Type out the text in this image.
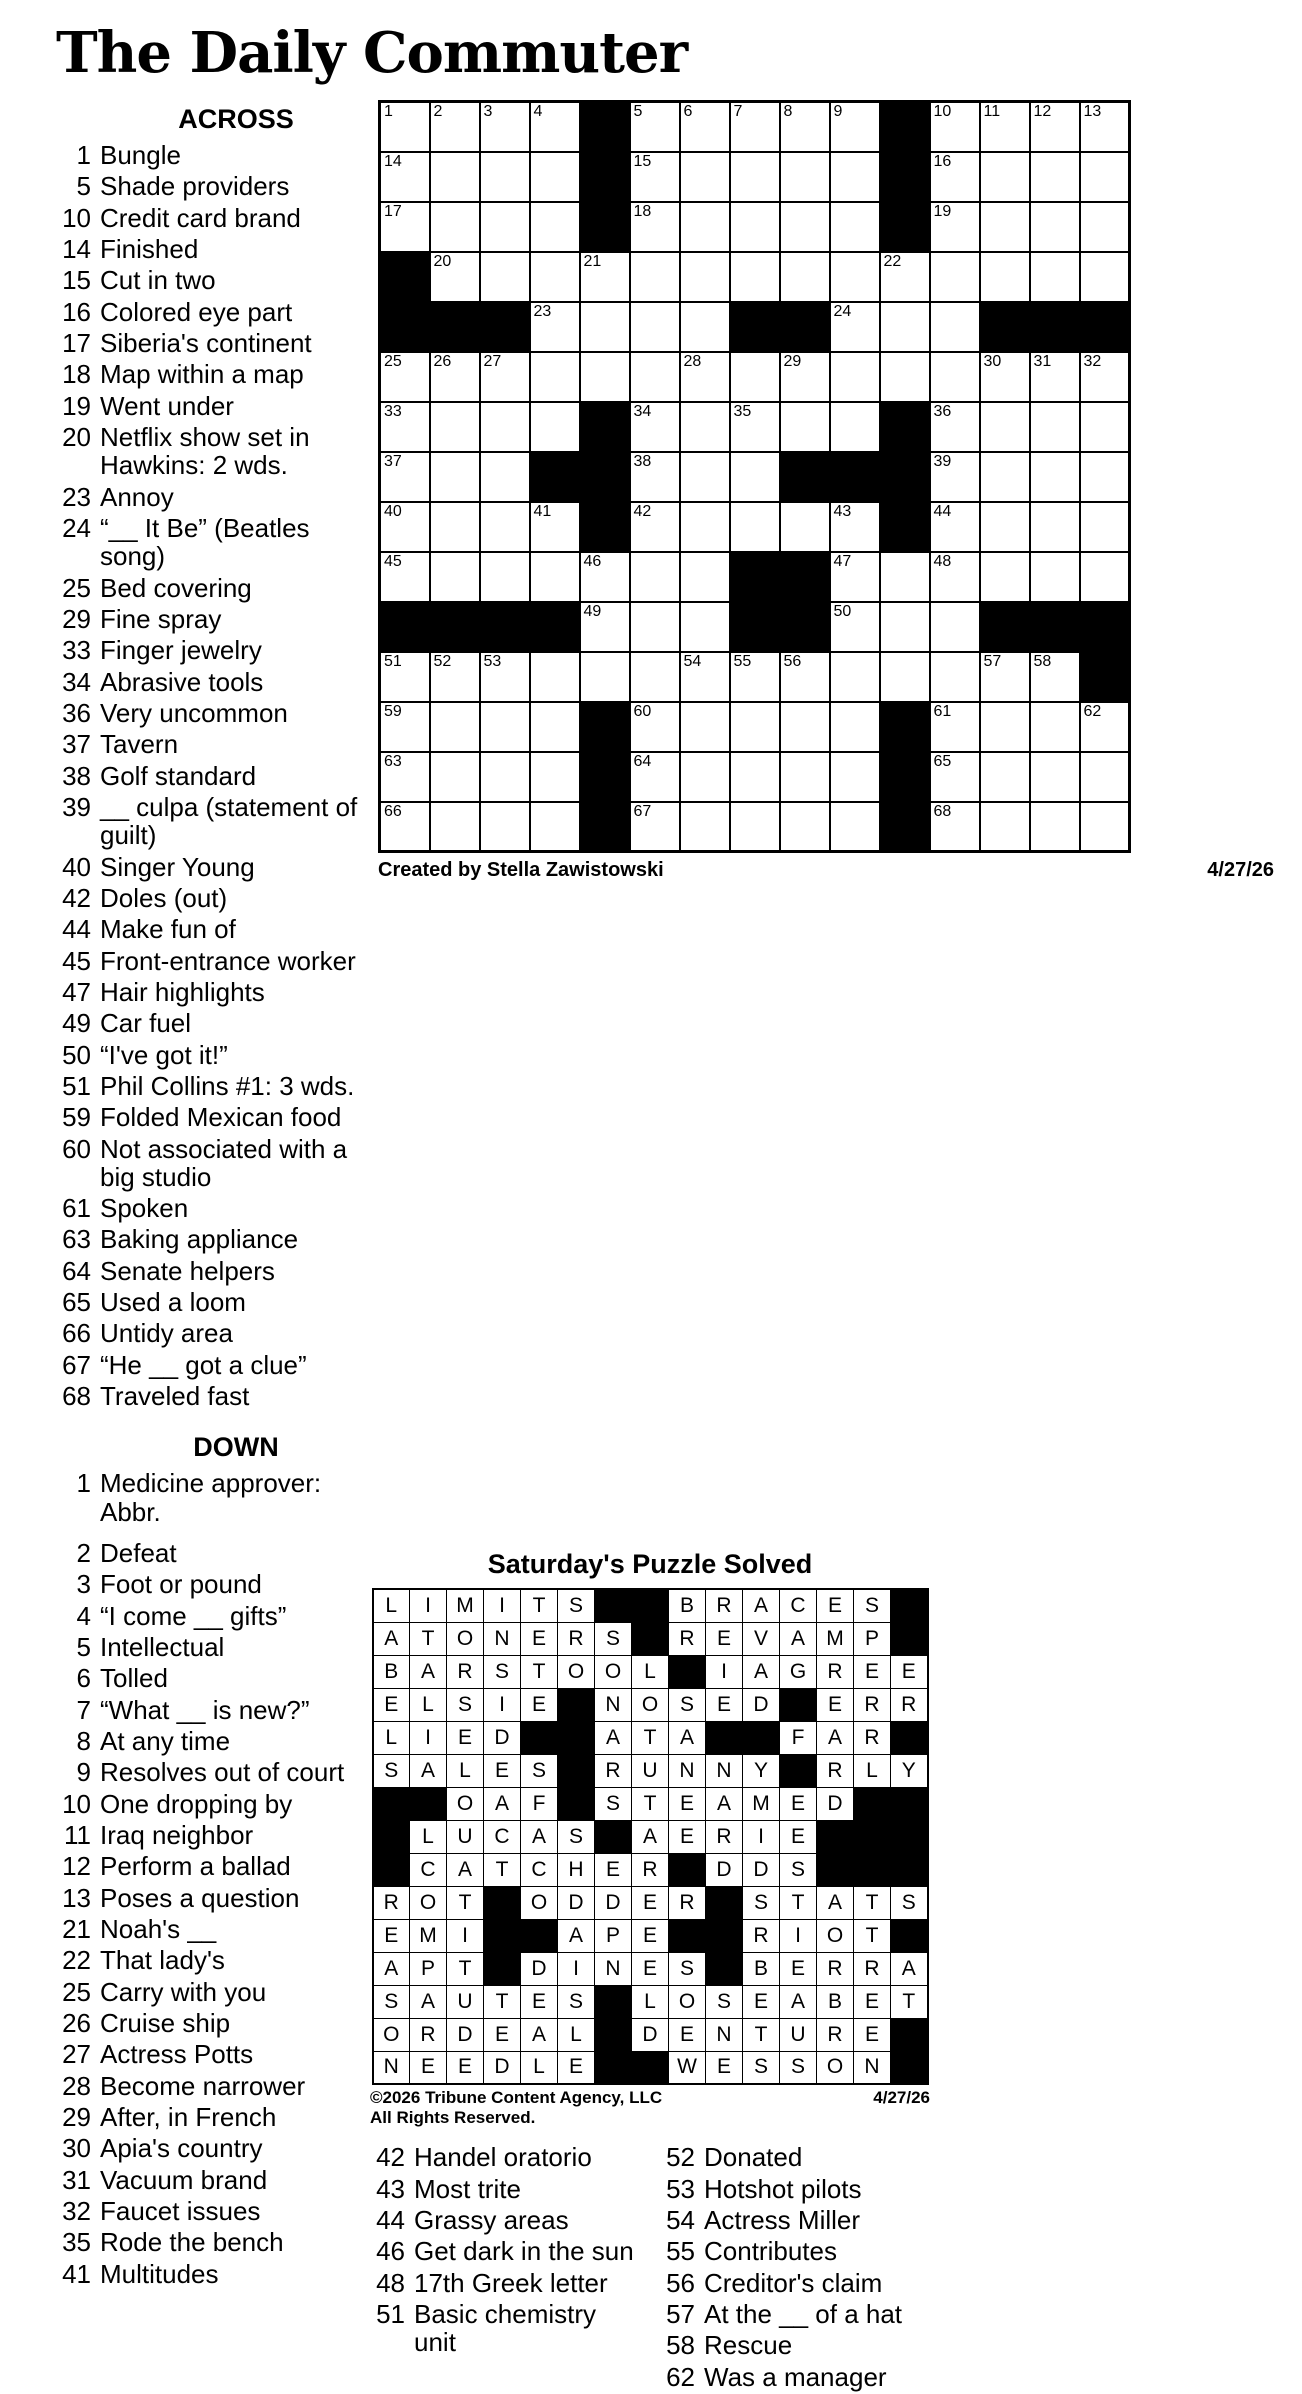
The Daily Commuter
ACROSS
1 Bungle
5 Shade providers
10 Credit card brand
14 Finished
15 Cut in two
16 Colored eye part
17 Siberia's continent
18 Map within a map
19 Went under
20 Netflix show set in Hawkins: 2 wds.
23 Annoy
24 “__ It Be” (Beatles song)
25 Bed covering
29 Fine spray
33 Finger jewelry
34 Abrasive tools
36 Very uncommon
37 Tavern
38 Golf standard
39 __ culpa (statement of guilt)
40 Singer Young
42 Doles (out)
44 Make fun of
45 Front-entrance worker
47 Hair highlights
49 Car fuel
50 “I've got it!”
51 Phil Collins #1: 3 wds.
59 Folded Mexican food
60 Not associated with a big studio
61 Spoken
63 Baking appliance
64 Senate helpers
65 Used a loom
66 Untidy area
67 “He __ got a clue”
68 Traveled fast
DOWN
1 Medicine approver: Abbr.
1	2	3	4		5	6	7	8	9		10	11	12	13

14					15						16			

17					18						19			

	20			21						22				

			23						24					

25	26	27				28		29				30	31	32

33					34		35				36			

37					38						39			

40			41		42				43		44			

45				46					47		48			

				49					50					

51	52	53				54	55	56				57	58	

59					60						61			62

63					64						65			

66					67						68			

Created by Stella Zawistowski	4/27/26
2 Defeat
3 Foot or pound
4 “I come __ gifts”
5 Intellectual
6 Tolled
7 “What __ is new?”
8 At any time
9 Resolves out of court
10 One dropping by
11 Iraq neighbor
12 Perform a ballad
13 Poses a question
21 Noah's __
22 That lady's
25 Carry with you
26 Cruise ship
27 Actress Potts
28 Become narrower
29 After, in French
30 Apia's country
31 Vacuum brand
32 Faucet issues
35 Rode the bench
41 Multitudes
Saturday's Puzzle Solved
L	I	M	I	T	S			B	R	A	C	E	S	
A	T	O	N	E	R	S		R	E	V	A	M	P	
B	A	R	S	T	O	O	L		I	A	G	R	E	E
E	L	S	I	E		N	O	S	E	D		E	R	R
L	I	E	D			A	T	A			F	A	R	
S	A	L	E	S		R	U	N	N	Y		R	L	Y
		O	A	F		S	T	E	A	M	E	D		
	L	U	C	A	S		A	E	R	I	E			
	C	A	T	C	H	E	R		D	D	S			
R	O	T		O	D	D	E	R		S	T	A	T	S
E	M	I			A	P	E			R	I	O	T	
A	P	T		D	I	N	E	S		B	E	R	R	A
S	A	U	T	E	S		L	O	S	E	A	B	E	T
O	R	D	E	A	L		D	E	N	T	U	R	E	
N	E	E	D	L	E			W	E	S	S	O	N	
©2026 Tribune Content Agency, LLC
All Rights Reserved.
4/27/26
42 Handel oratorio
43 Most trite
44 Grassy areas
46 Get dark in the sun
48 17th Greek letter
51 Basic chemistry unit
52 Donated
53 Hotshot pilots
54 Actress Miller
55 Contributes
56 Creditor's claim
57 At the __ of a hat
58 Rescue
62 Was a manager
